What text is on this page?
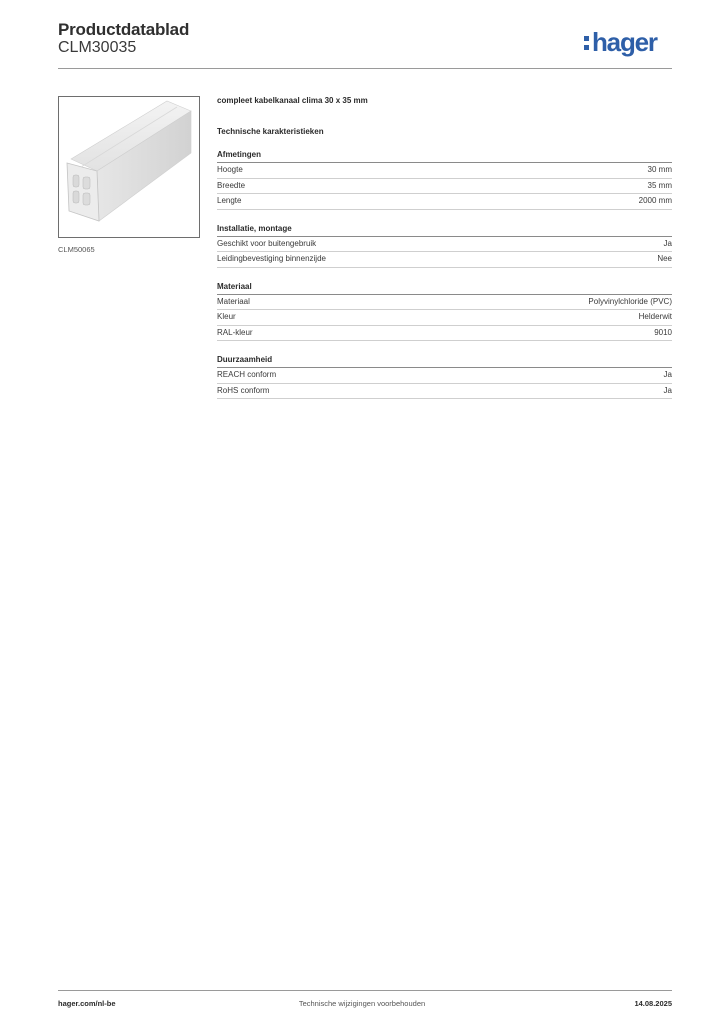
Productdatablad
CLM30035	hager
CLM50065
compleet kabelkanaal clima 30 x 35 mm
Technische karakteristieken
Afmetingen
Hoogte	30 mm
Breedte	35 mm
Lengte	2000 mm
Installatie, montage
Geschikt voor buitengebruik	Ja
Leidingbevestiging binnenzijde	Nee
Materiaal
Materiaal	Polyvinylchloride (PVC)
Kleur	Helderwit
RAL-kleur	9010
Duurzaamheid
REACH conform	Ja
RoHS conform	Ja
hager.com/nl-be	Technische wijzigingen voorbehouden	14.08.2025
